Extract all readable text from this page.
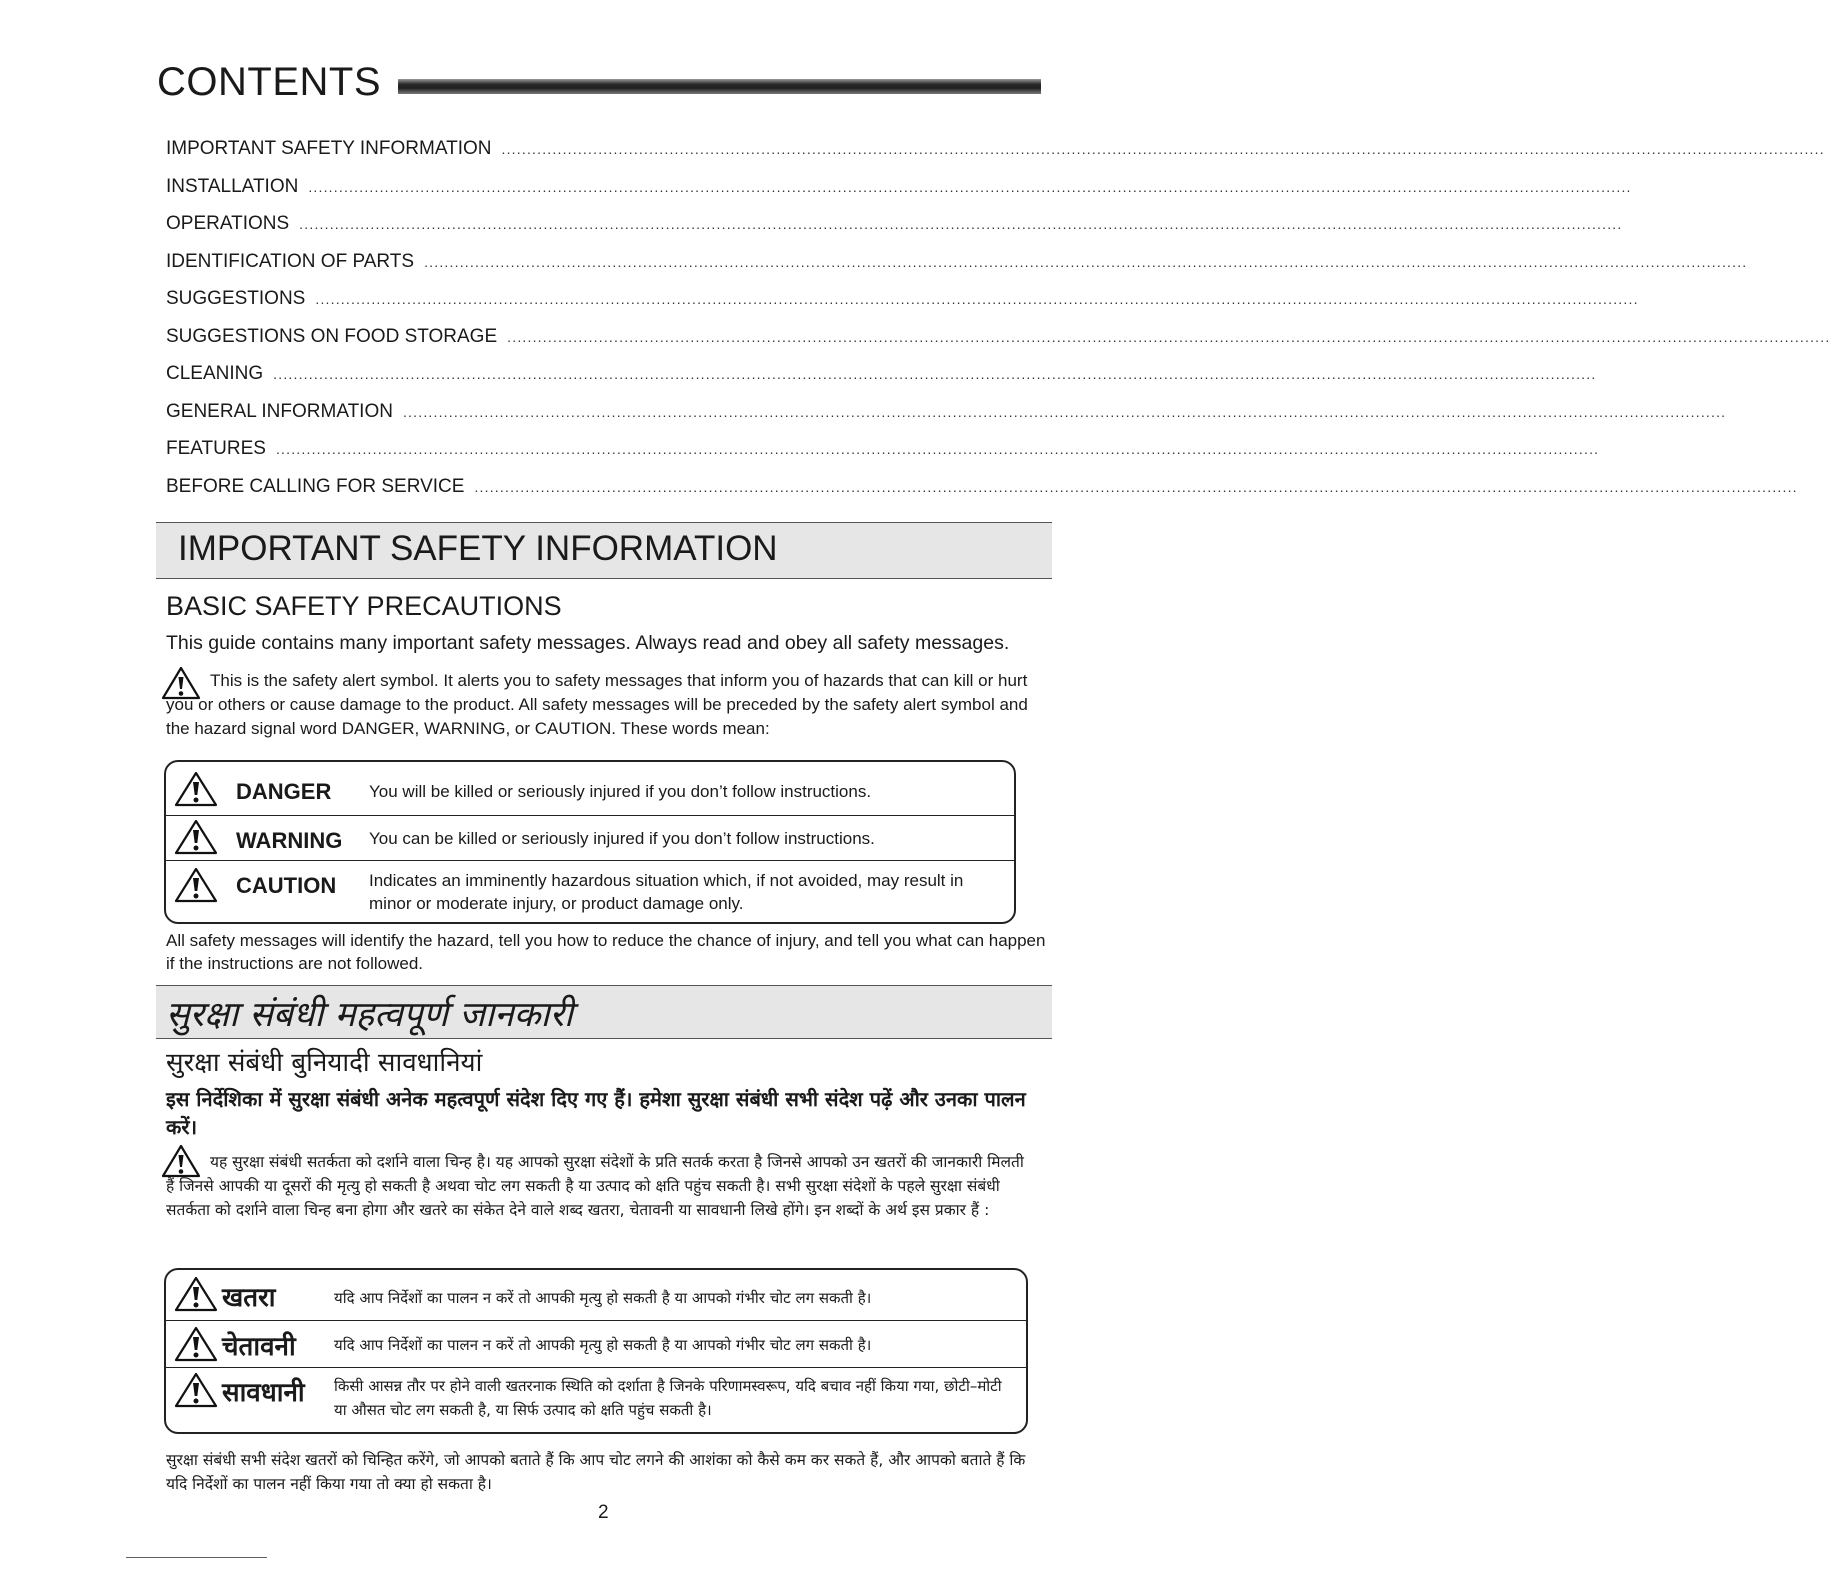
CONTENTS
IMPORTANT SAFETY INFORMATION ....................................................................................................................................................................................................................................................................
INSTALLATION ....................................................................................................................................................................................................................................................................
OPERATIONS ....................................................................................................................................................................................................................................................................
IDENTIFICATION OF PARTS ....................................................................................................................................................................................................................................................................
SUGGESTIONS ....................................................................................................................................................................................................................................................................
SUGGESTIONS ON FOOD STORAGE ....................................................................................................................................................................................................................................................................
CLEANING ....................................................................................................................................................................................................................................................................
GENERAL INFORMATION ....................................................................................................................................................................................................................................................................
FEATURES ....................................................................................................................................................................................................................................................................
BEFORE CALLING FOR SERVICE ....................................................................................................................................................................................................................................................................
IMPORTANT SAFETY INFORMATION
BASIC SAFETY PRECAUTIONS
This guide contains many important safety messages. Always read and obey all safety messages.
This is the safety alert symbol. It alerts you to safety messages that inform you of hazards that can kill or hurt you or others or cause damage to the product. All safety messages will be preceded by the safety alert symbol and the hazard signal word DANGER, WARNING, or CAUTION. These words mean:
DANGER You will be killed or seriously injured if you don’t follow instructions.
WARNING You can be killed or seriously injured if you don’t follow instructions.
CAUTION Indicates an imminently hazardous situation which, if not avoided, may result in minor or moderate injury, or product damage only.
All safety messages will identify the hazard, tell you how to reduce the chance of injury, and tell you what can happen if the instructions are not followed.
सुरक्षा संबंधी महत्वपूर्ण जानकारी
सुरक्षा संबंधी बुनियादी सावधानियां
इस निर्देशिका में सुरक्षा संबंधी अनेक महत्वपूर्ण संदेश दिए गए हैं। हमेशा सुरक्षा संबंधी सभी संदेश पढ़ें और उनका पालन करें।
यह सुरक्षा संबंधी सतर्कता को दर्शाने वाला चिन्ह है। यह आपको सुरक्षा संदेशों के प्रति सतर्क करता है जिनसे आपको उन खतरों की जानकारी मिलती हैं जिनसे आपकी या दूसरों की मृत्यु हो सकती है अथवा चोट लग सकती है या उत्पाद को क्षति पहुंच सकती है। सभी सुरक्षा संदेशों के पहले सुरक्षा संबंधी सतर्कता को दर्शाने वाला चिन्ह बना होगा और खतरे का संकेत देने वाले शब्द खतरा, चेतावनी या सावधानी लिखे होंगे। इन शब्दों के अर्थ इस प्रकार हैं :
खतरा	यदि आप निर्देशों का पालन न करें तो आपकी मृत्यु हो सकती है या आपको गंभीर चोट लग सकती है।
चेतावनी	यदि आप निर्देशों का पालन न करें तो आपकी मृत्यु हो सकती है या आपको गंभीर चोट लग सकती है।
सावधानी किसी आसन्न तौर पर होने वाली खतरनाक स्थिति को दर्शाता है जिनके परिणामस्वरूप, यदि बचाव नहीं किया गया, छोटी–मोटी या औसत चोट लग सकती है, या सिर्फ उत्पाद को क्षति पहुंच सकती है।
सुरक्षा संबंधी सभी संदेश खतरों को चिन्हित करेंगे, जो आपको बताते हैं कि आप चोट लगने की आशंका को कैसे कम कर सकते हैं, और आपको बताते हैं कि यदि निर्देशों का पालन नहीं किया गया तो क्या हो सकता है।
2
